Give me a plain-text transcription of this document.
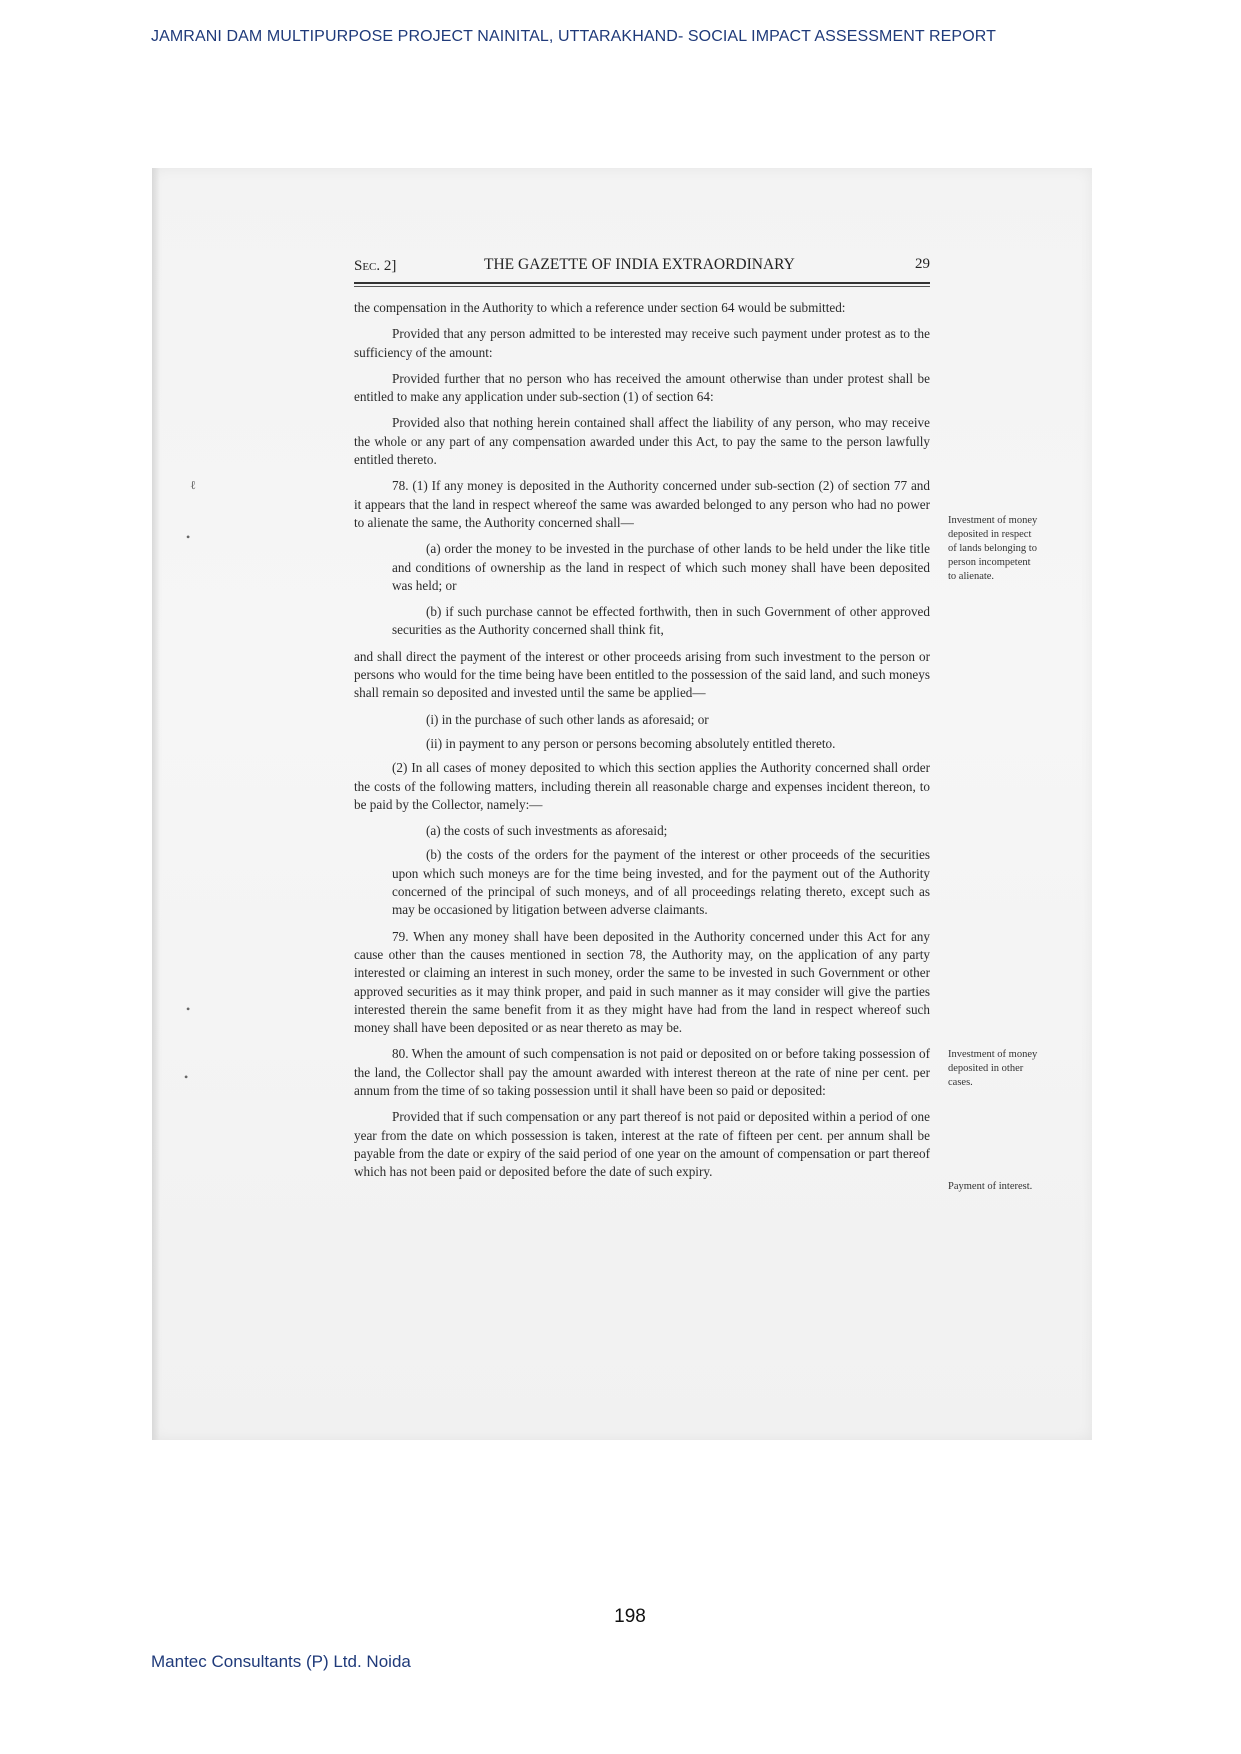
JAMRANI DAM MULTIPURPOSE PROJECT NAINITAL, UTTARAKHAND- SOCIAL IMPACT ASSESSMENT REPORT
ℓ
•
•
•
Sec. 2]	THE GAZETTE OF INDIA EXTRAORDINARY	29

the compensation in the Authority to which a reference under section 64 would be submitted:

Provided that any person admitted to be interested may receive such payment under protest as to the sufficiency of the amount:

Provided further that no person who has received the amount otherwise than under protest shall be entitled to make any application under sub-section (1) of section 64:

Provided also that nothing herein contained shall affect the liability of any person, who may receive the whole or any part of any compensation awarded under this Act, to pay the same to the person lawfully entitled thereto.

78. (1) If any money is deposited in the Authority concerned under sub-section (2) of section 77 and it appears that the land in respect whereof the same was awarded belonged to any person who had no power to alienate the same, the Authority concerned shall—

(a) order the money to be invested in the purchase of other lands to be held under the like title and conditions of ownership as the land in respect of which such money shall have been deposited was held; or

(b) if such purchase cannot be effected forthwith, then in such Government of other approved securities as the Authority concerned shall think fit,

and shall direct the payment of the interest or other proceeds arising from such investment to the person or persons who would for the time being have been entitled to the possession of the said land, and such moneys shall remain so deposited and invested until the same be applied—

(i) in the purchase of such other lands as aforesaid; or

(ii) in payment to any person or persons becoming absolutely entitled thereto.

(2) In all cases of money deposited to which this section applies the Authority concerned shall order the costs of the following matters, including therein all reasonable charge and expenses incident thereon, to be paid by the Collector, namely:—

(a) the costs of such investments as aforesaid;

(b) the costs of the orders for the payment of the interest or other proceeds of the securities upon which such moneys are for the time being invested, and for the payment out of the Authority concerned of the principal of such moneys, and of all proceedings relating thereto, except such as may be occasioned by litigation between adverse claimants.

79. When any money shall have been deposited in the Authority concerned under this Act for any cause other than the causes mentioned in section 78, the Authority may, on the application of any party interested or claiming an interest in such money, order the same to be invested in such Government or other approved securities as it may think proper, and paid in such manner as it may consider will give the parties interested therein the same benefit from it as they might have had from the land in respect whereof such money shall have been deposited or as near thereto as may be.

80. When the amount of such compensation is not paid or deposited on or before taking possession of the land, the Collector shall pay the amount awarded with interest thereon at the rate of nine per cent. per annum from the time of so taking possession until it shall have been so paid or deposited:

Provided that if such compensation or any part thereof is not paid or deposited within a period of one year from the date on which possession is taken, interest at the rate of fifteen per cent. per annum shall be payable from the date or expiry of the said period of one year on the amount of compensation or part thereof which has not been paid or deposited before the date of such expiry.

Investment of money deposited in respect of lands belonging to person incompetent to alienate.
Investment of money deposited in other cases.
Payment of interest.
198
Mantec Consultants (P) Ltd. Noida
